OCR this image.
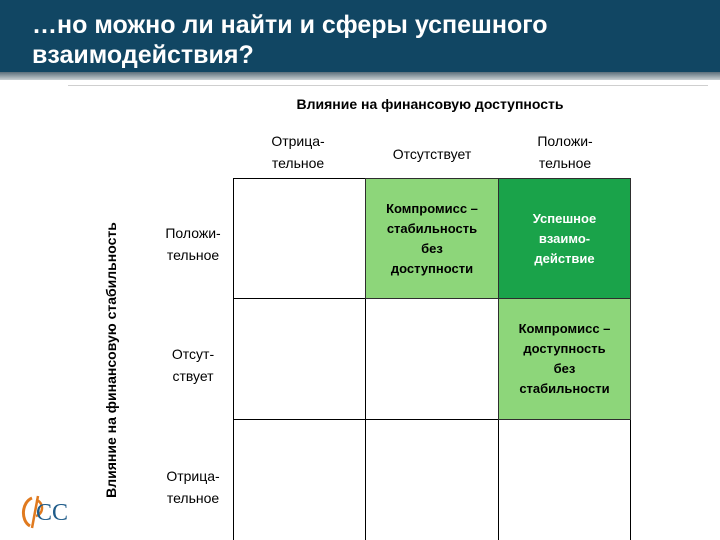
…но можно ли найти и сферы успешного взаимодействия?
Влияние на финансовую доступность
Отрица-
тельное
Отсутствует
Положи-
тельное
Влияние на финансовую стабильность	Положи-
тельное
Отсут-
ствует
Отрица-
тельное
Компромисс –
стабильность
без
доступности
Успешное
взаимо-
действие
Компромисс –
доступность
без
стабильности
CC
